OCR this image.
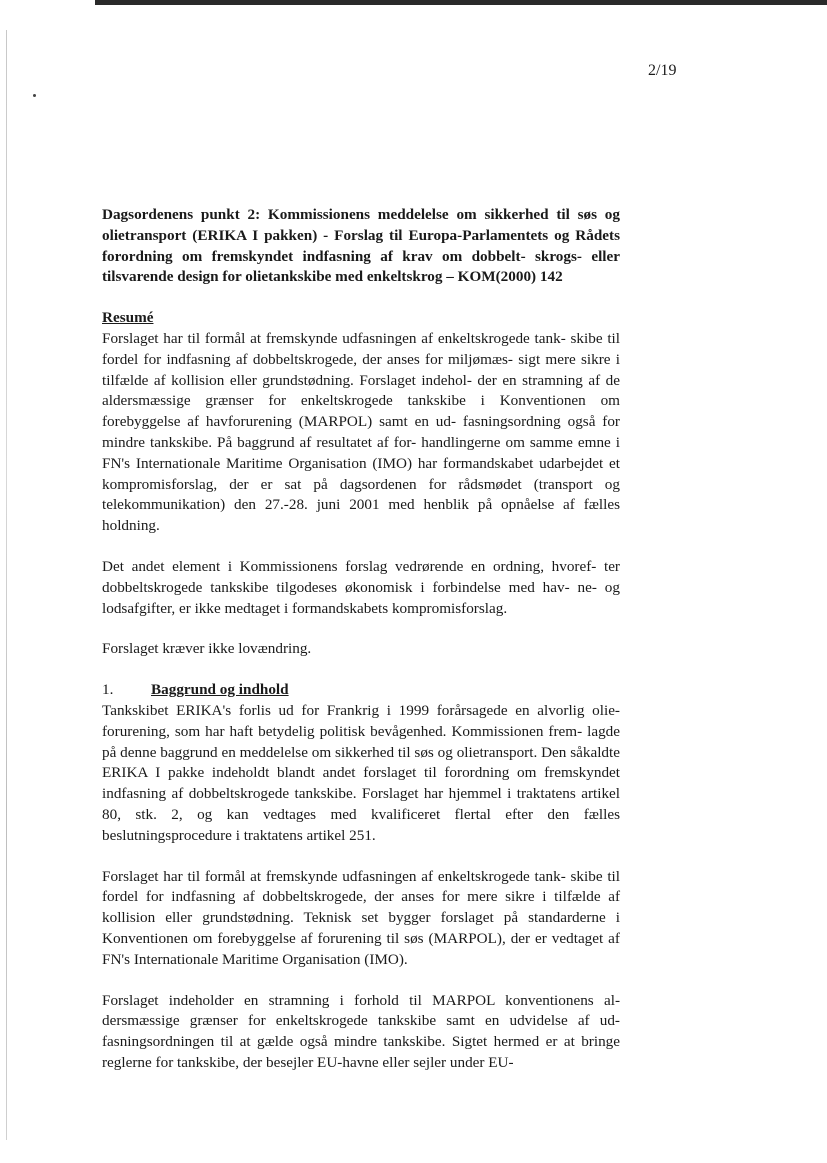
2/19

Dagsordenens punkt 2: Kommissionens meddelelse om sikkerhed til søs og olietransport (ERIKA I pakken) - Forslag til Europa-Parlamentets og Rådets forordning om fremskyndet indfasning af krav om dobbelt- skrogs- eller tilsvarende design for olietankskibe med enkeltskrog – KOM(2000) 142

Resumé

Forslaget har til formål at fremskynde udfasningen af enkeltskrogede tank- skibe til fordel for indfasning af dobbeltskrogede, der anses for miljømæs- sigt mere sikre i tilfælde af kollision eller grundstødning. Forslaget indehol- der en stramning af de aldersmæssige grænser for enkeltskrogede tankskibe i Konventionen om forebyggelse af havforurening (MARPOL) samt en ud- fasningsordning også for mindre tankskibe. På baggrund af resultatet af for- handlingerne om samme emne i FN's Internationale Maritime Organisation (IMO) har formandskabet udarbejdet et kompromisforslag, der er sat på dagsordenen for rådsmødet (transport og telekommunikation) den 27.-28. juni 2001 med henblik på opnåelse af fælles holdning.

Det andet element i Kommissionens forslag vedrørende en ordning, hvoref- ter dobbeltskrogede tankskibe tilgodeses økonomisk i forbindelse med hav- ne- og lodsafgifter, er ikke medtaget i formandskabets kompromisforslag.

Forslaget kræver ikke lovændring.

1.	Baggrund og indhold

Tankskibet ERIKA's forlis ud for Frankrig i 1999 forårsagede en alvorlig olie- forurening, som har haft betydelig politisk bevågenhed. Kommissionen frem- lagde på denne baggrund en meddelelse om sikkerhed til søs og olietransport. Den såkaldte ERIKA I pakke indeholdt blandt andet forslaget til forordning om fremskyndet indfasning af dobbeltskrogede tankskibe. Forslaget har hjemmel i traktatens artikel 80, stk. 2, og kan vedtages med kvalificeret flertal efter den fælles beslutningsprocedure i traktatens artikel 251.

Forslaget har til formål at fremskynde udfasningen af enkeltskrogede tank- skibe til fordel for indfasning af dobbeltskrogede, der anses for mere sikre i tilfælde af kollision eller grundstødning. Teknisk set bygger forslaget på standarderne i Konventionen om forebyggelse af forurening til søs (MARPOL), der er vedtaget af FN's Internationale Maritime Organisation (IMO).

Forslaget indeholder en stramning i forhold til MARPOL konventionens al- dersmæssige grænser for enkeltskrogede tankskibe samt en udvidelse af ud- fasningsordningen til at gælde også mindre tankskibe. Sigtet hermed er at bringe reglerne for tankskibe, der besejler EU-havne eller sejler under EU-
